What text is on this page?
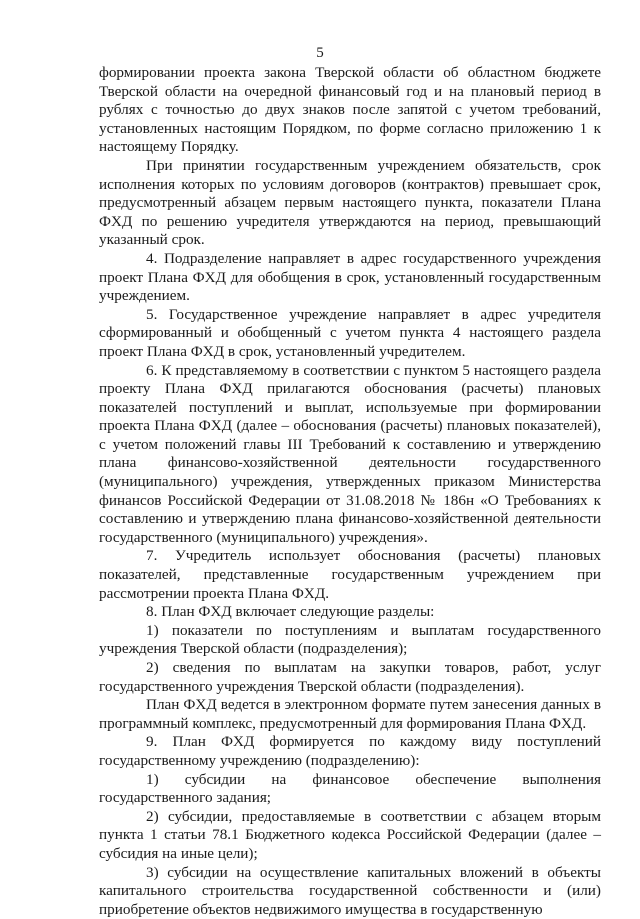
5

формировании проекта закона Тверской области об областном бюджете Тверской области на очередной финансовый год и на плановый период в рублях с точностью до двух знаков после запятой с учетом требований, установленных настоящим Порядком, по форме согласно приложению 1 к настоящему Порядку.

При принятии государственным учреждением обязательств, срок исполнения которых по условиям договоров (контрактов) превышает срок, предусмотренный абзацем первым настоящего пункта, показатели Плана ФХД по решению учредителя утверждаются на период, превышающий указанный срок.

4. Подразделение направляет в адрес государственного учреждения проект Плана ФХД для обобщения в срок, установленный государственным учреждением.

5. Государственное учреждение направляет в адрес учредителя сформированный и обобщенный с учетом пункта 4 настоящего раздела проект Плана ФХД в срок, установленный учредителем.

6. К представляемому в соответствии с пунктом 5 настоящего раздела проекту Плана ФХД прилагаются обоснования (расчеты) плановых показателей поступлений и выплат, используемые при формировании проекта Плана ФХД (далее – обоснования (расчеты) плановых показателей), с учетом положений главы III Требований к составлению и утверждению плана финансово-хозяйственной деятельности государственного (муниципального) учреждения, утвержденных приказом Министерства финансов Российской Федерации от 31.08.2018 № 186н «О Требованиях к составлению и утверждению плана финансово-хозяйственной деятельности государственного (муниципального) учреждения».

7. Учредитель использует обоснования (расчеты) плановых показателей, представленные государственным учреждением при рассмотрении проекта Плана ФХД.

8. План ФХД включает следующие разделы:

1) показатели по поступлениям и выплатам государственного учреждения Тверской области (подразделения);

2) сведения по выплатам на закупки товаров, работ, услуг государственного учреждения Тверской области (подразделения).

План ФХД ведется в электронном формате путем занесения данных в программный комплекс, предусмотренный для формирования Плана ФХД.

9. План ФХД формируется по каждому виду поступлений государственному учреждению (подразделению):

1) субсидии на финансовое обеспечение выполнения государственного задания;

2) субсидии, предоставляемые в соответствии с абзацем вторым пункта 1 статьи 78.1 Бюджетного кодекса Российской Федерации (далее – субсидия на иные цели);

3) субсидии на осуществление капитальных вложений в объекты капитального строительства государственной собственности и (или) приобретение объектов недвижимого имущества в государственную
